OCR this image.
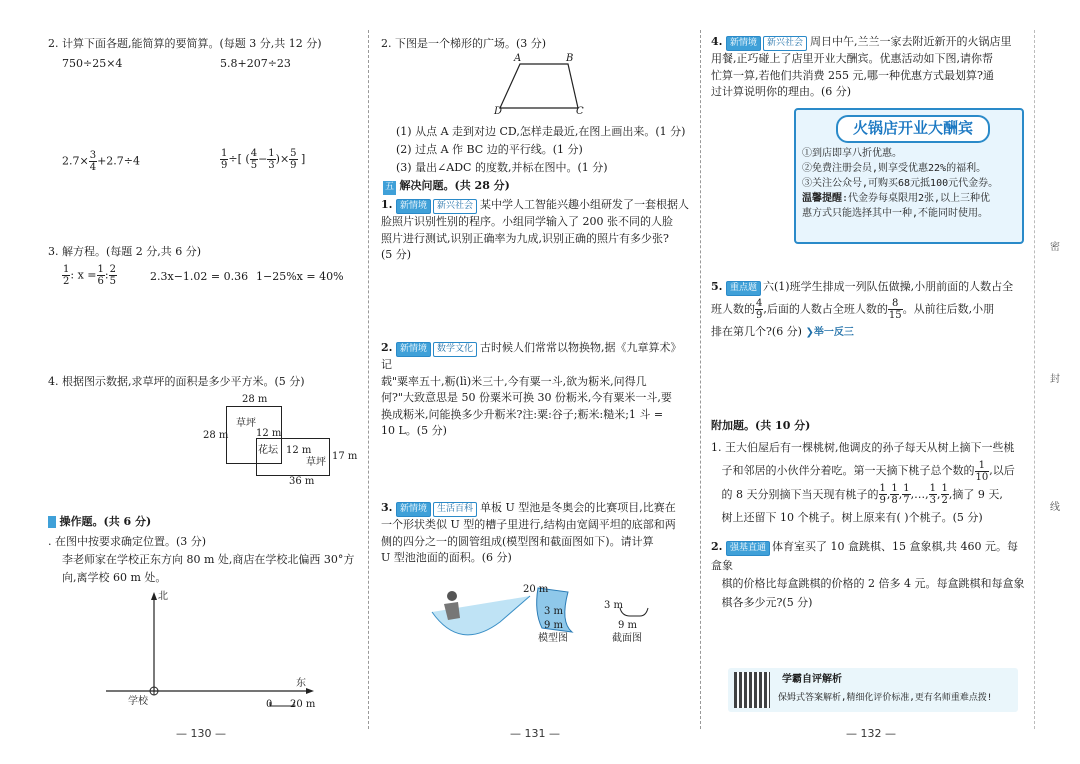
2. 计算下面各题,能简算的要简算。(每题 3 分,共 12 分)
750÷25×4	5.8+207÷23
$2.7\times \frac{3}{4} +2.7\div 4$	$\frac{1}{9}$ ÷[ ( $\frac{4}{5} - \frac{1}{3}$ )× $\frac{5}{9}$ ]
3. 解方程。(每题 2 分,共 6 分)
$\frac{1}{2}$ : $x = \frac{1}{6}$ : $\frac{2}{5}$	2.3x−1.02 = 0.36 1−25%x = 40%
4. 根据图示数据,求草坪的面积是多少平方米。(5 分)
28 m
28 m
草坪
12 m
花坛 12 m
草坪
17 m
36 m
操作题。(共 6 分)
. 在图中按要求确定位置。(3 分)
李老师家在学校正东方向 80 m 处,商店在学校北偏西 30°方
向,离学校 60 m 处。
北
东
学校	0 20 m
— 130 —
2. 下图是一个梯形的广场。(3 分)
A	B
C
D
(1) 从点 A 走到对边 CD,怎样走最近,在图上画出来。(1 分)
(2) 过点 A 作 BC 边的平行线。(1 分)
(3) 量出∠ADC 的度数,并标在图中。(1 分)
五 解决问题。(共 28 分)
1. 新情境 新兴社会 某中学人工智能兴趣小组研发了一套根据人
脸照片识别性别的程序。小组同学输入了 200 张不同的人脸
照片进行测试,识别正确率为九成,识别正确的照片有多少张?
(5 分)
2. 新情境 数学文化 古时候人们常常以物换物,据《九章算术》记
载"粟率五十,粝(lì)米三十,今有粟一斗,欲为粝米,问得几
何?"大致意思是 50 份粟米可换 30 份粝米,今有粟米一斗,要
换成粝米,问能换多少升粝米?注:粟:谷子;粝米:糙米;1 斗 =
10 L。(5 分)
3. 新情境 生活百科 单板 U 型池是冬奥会的比赛项目,比赛在
一个形状类似 U 型的槽子里进行,结构由宽阔平坦的底部和两
侧的四分之一的圆管组成(模型图和截面图如下)。请计算
U 型池池面的面积。(6 分)
20 m
3 m
9 m
模型图
3 m
9 m
截面图
— 131 —
4. 新情境 新兴社会 周日中午,兰兰一家去附近新开的火锅店里
用餐,正巧碰上了店里开业大酬宾。优惠活动如下图,请你帮
忙算一算,若他们共消费 255 元,哪一种优惠方式最划算?通
过计算说明你的理由。(6 分)
火锅店开业大酬宾
①到店即享八折优惠。
②免费注册会员,则享受优惠22%的福利。
③关注公众号,可购买68元抵100元代金券。
温馨提醒:代金券每桌限用2张,以上三种优
惠方式只能选择其中一种,不能同时使用。
5. 重点题 六(1)班学生排成一列队伍做操,小朋前面的人数占全
班人数的 $\frac{4}{9}$ ,后面的人数占全班人数的 $\frac{8}{15}$ 。从前往后数,小朋
排在第几个?(6 分) ❯举一反三
附加题。(共 10 分)
1. 王大伯屋后有一棵桃树,他调皮的孙子每天从树上摘下一些桃
子和邻居的小伙伴分着吃。第一天摘下桃子总个数的 $\frac{1}{10}$ ,以后
的 8 天分别摘下当天现有桃子的 $\frac{1}{9}$ , $\frac{1}{8}$ , $\frac{1}{7}$ ,…, $\frac{1}{3}$ , $\frac{1}{2}$ ,摘了 9 天,
树上还留下 10 个桃子。树上原来有( )个桃子。(5 分)
2. 强基直通 体育室买了 10 盒跳棋、15 盒象棋,共 460 元。每盒象
棋的价格比每盒跳棋的价格的 2 倍多 4 元。每盒跳棋和每盒象
棋各多少元?(5 分)
学霸自评解析
保姆式答案解析,精细化评价标准,更有名师重难点拨!
密
封
线
— 132 —
